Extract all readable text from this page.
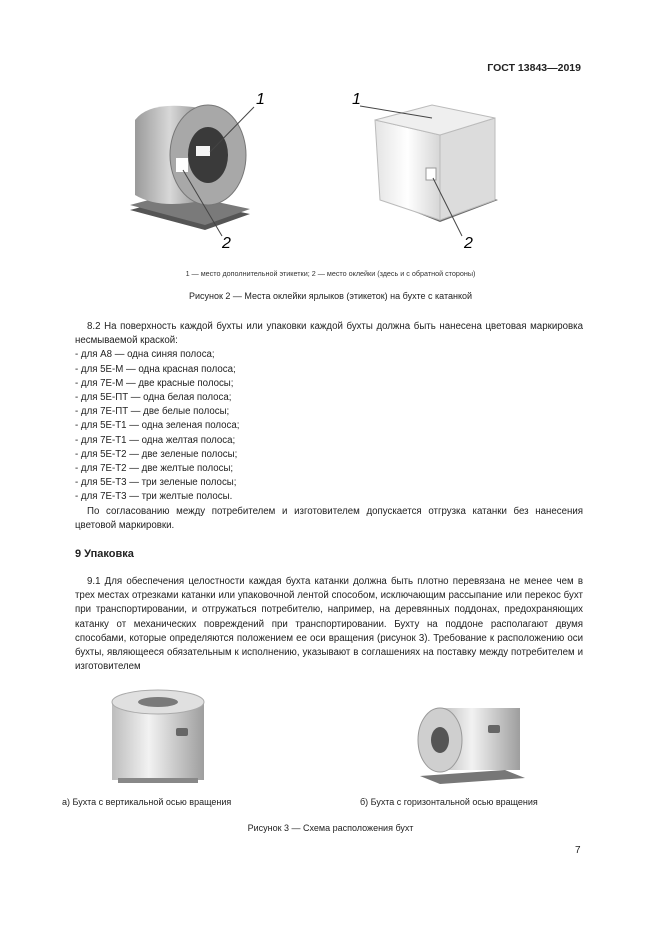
ГОСТ 13843—2019
1
2
1
2
1 — место дополнительной этикетки; 2 — место оклейки (здесь и с обратной стороны)
Рисунок 2 — Места оклейки ярлыков (этикеток) на бухте с катанкой

8.2 На поверхность каждой бухты или упаковки каждой бухты должна быть нанесена цветовая маркировка несмываемой краской:

- для А8 — одна синяя полоса;
- для 5Е-М — одна красная полоса;
- для 7Е-М — две красные полосы;
- для 5Е-ПТ — одна белая полоса;
- для 7Е-ПТ — две белые полосы;
- для 5Е-Т1 — одна зеленая полоса;
- для 7Е-Т1 — одна желтая полоса;
- для 5Е-Т2 — две зеленые полосы;
- для 7Е-Т2 — две желтые полосы;
- для 5Е-Т3 — три зеленые полосы;
- для 7Е-Т3 — три желтые полосы.

По согласованию между потребителем и изготовителем допускается отгрузка катанки без нанесения цветовой маркировки.

9 Упаковка

9.1 Для обеспечения целостности каждая бухта катанки должна быть плотно перевязана не менее чем в трех местах отрезками катанки или упаковочной лентой способом, исключающим рассыпание или перекос бухт при транспортировании, и отгружаться потребителю, например, на деревянных поддонах, предохраняющих катанку от механических повреждений при транспортировании. Бухту на поддоне располагают двумя способами, которые определяются положением ее оси вращения (рисунок 3). Требование к расположению оси бухты, являющееся обязательным к исполнению, указывают в соглашениях на поставку между потребителем и изготовителем

а) Бухта с вертикальной осью вращения	б) Бухта с горизонтальной осью вращения
Рисунок 3 — Схема расположения бухт
7
